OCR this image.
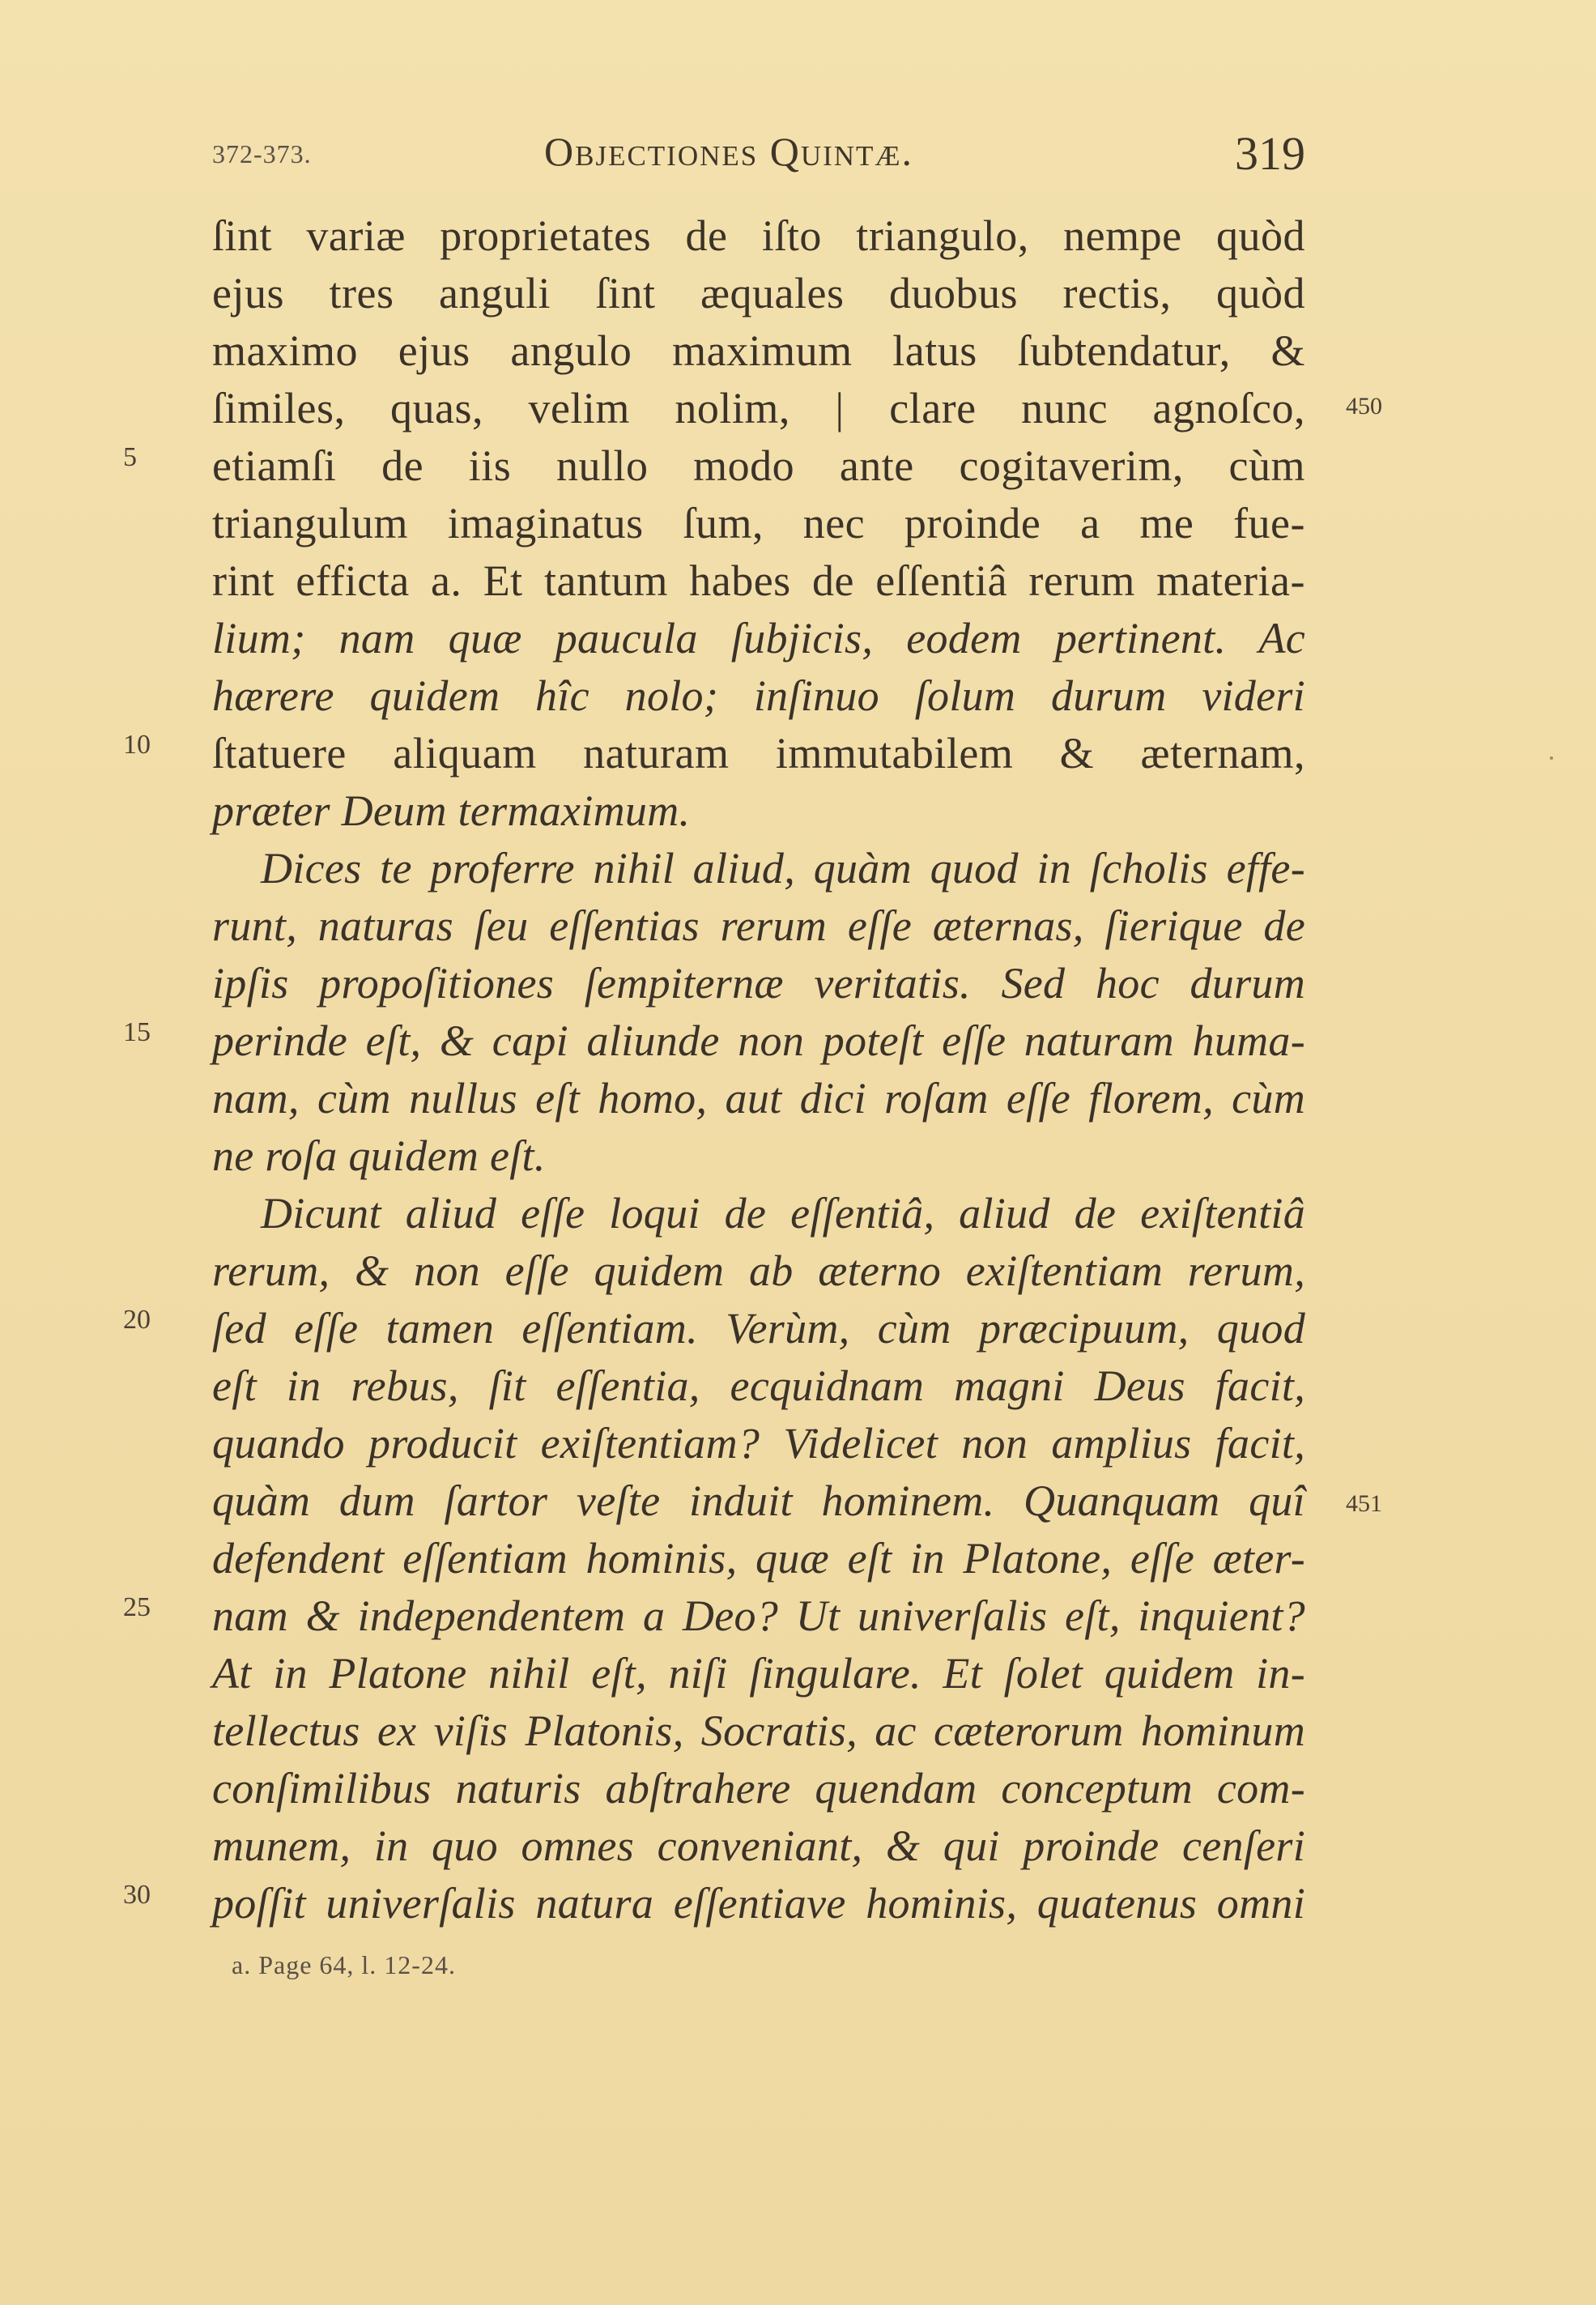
372-373.	Objectiones Quintæ.	319
ſint variæ proprietates de iſto triangulo, nempe quòd
ejus tres anguli ſint æquales duobus rectis, quòd
maximo ejus angulo maximum latus ſubtendatur, &
ſimiles, quas, velim nolim, | clare nunc agnoſco,
etiamſi de iis nullo modo ante cogitaverim, cùm
triangulum imaginatus ſum, nec proinde a me fue-
rint efficta a. Et tantum habes de eſſentiâ rerum materia-
lium; nam quæ paucula ſubjicis, eodem pertinent. Ac
hærere quidem hîc nolo; inſinuo ſolum durum videri
ſtatuere aliquam naturam immutabilem & æternam,
præter Deum termaximum.
Dices te proferre nihil aliud, quàm quod in ſcholis effe-
runt, naturas ſeu eſſentias rerum eſſe æternas, ſierique de
ipſis propoſitiones ſempiternæ veritatis. Sed hoc durum
perinde eſt, & capi aliunde non poteſt eſſe naturam huma-
nam, cùm nullus eſt homo, aut dici roſam eſſe florem, cùm
ne roſa quidem eſt.
Dicunt aliud eſſe loqui de eſſentiâ, aliud de exiſtentiâ
rerum, & non eſſe quidem ab æterno exiſtentiam rerum,
ſed eſſe tamen eſſentiam. Verùm, cùm præcipuum, quod
eſt in rebus, ſit eſſentia, ecquidnam magni Deus facit,
quando producit exiſtentiam? Videlicet non amplius facit,
quàm dum ſartor veſte induit hominem. Quanquam quî
defendent eſſentiam hominis, quæ eſt in Platone, eſſe æter-
nam & independentem a Deo? Ut univerſalis eſt, inquient?
At in Platone nihil eſt, niſi ſingulare. Et ſolet quidem in-
tellectus ex viſis Platonis, Socratis, ac cæterorum hominum
conſimilibus naturis abſtrahere quendam conceptum com-
munem, in quo omnes conveniant, & qui proinde cenſeri
poſſit univerſalis natura eſſentiave hominis, quatenus omni
5
10
15
20
25
30
450
451
a. Page 64, l. 12-24.
